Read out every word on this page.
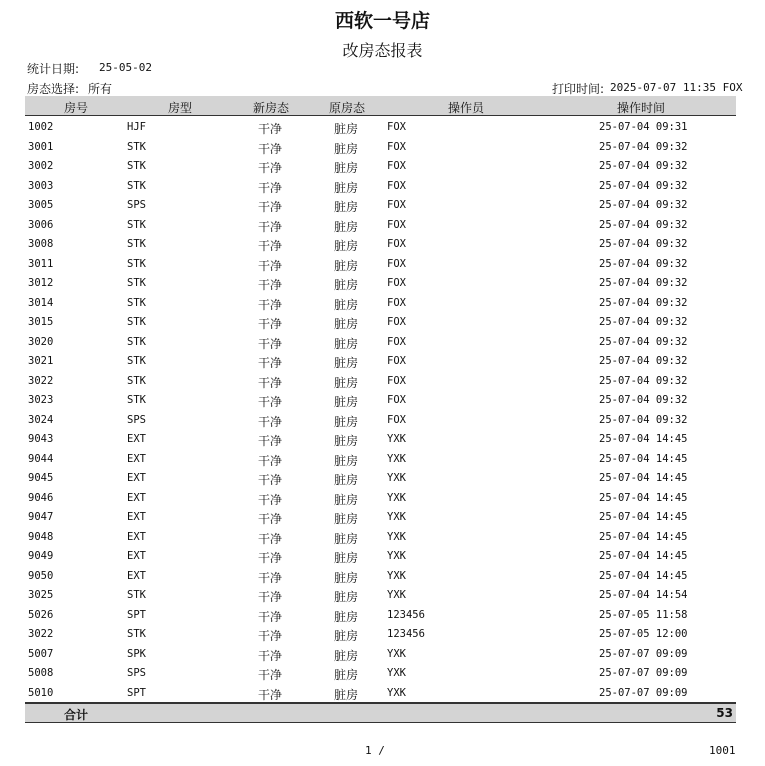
西软一号店
改房态报表
统计日期: 25-05-02
房态选择: 所有	打印时间: 2025-07-07 11:35 FOX
房号	房型	新房态	原房态	操作员	操作时间
1002	HJF	干净	脏房	FOX	25-07-04 09:31
3001	STK	干净	脏房	FOX	25-07-04 09:32
3002	STK	干净	脏房	FOX	25-07-04 09:32
3003	STK	干净	脏房	FOX	25-07-04 09:32
3005	SPS	干净	脏房	FOX	25-07-04 09:32
3006	STK	干净	脏房	FOX	25-07-04 09:32
3008	STK	干净	脏房	FOX	25-07-04 09:32
3011	STK	干净	脏房	FOX	25-07-04 09:32
3012	STK	干净	脏房	FOX	25-07-04 09:32
3014	STK	干净	脏房	FOX	25-07-04 09:32
3015	STK	干净	脏房	FOX	25-07-04 09:32
3020	STK	干净	脏房	FOX	25-07-04 09:32
3021	STK	干净	脏房	FOX	25-07-04 09:32
3022	STK	干净	脏房	FOX	25-07-04 09:32
3023	STK	干净	脏房	FOX	25-07-04 09:32
3024	SPS	干净	脏房	FOX	25-07-04 09:32
9043	EXT	干净	脏房	YXK	25-07-04 14:45
9044	EXT	干净	脏房	YXK	25-07-04 14:45
9045	EXT	干净	脏房	YXK	25-07-04 14:45
9046	EXT	干净	脏房	YXK	25-07-04 14:45
9047	EXT	干净	脏房	YXK	25-07-04 14:45
9048	EXT	干净	脏房	YXK	25-07-04 14:45
9049	EXT	干净	脏房	YXK	25-07-04 14:45
9050	EXT	干净	脏房	YXK	25-07-04 14:45
3025	STK	干净	脏房	YXK	25-07-04 14:54
5026	SPT	干净	脏房	123456	25-07-05 11:58
3022	STK	干净	脏房	123456	25-07-05 12:00
5007	SPK	干净	脏房	YXK	25-07-07 09:09
5008	SPS	干净	脏房	YXK	25-07-07 09:09
5010	SPT	干净	脏房	YXK	25-07-07 09:09
合计	53
1 /	1001
